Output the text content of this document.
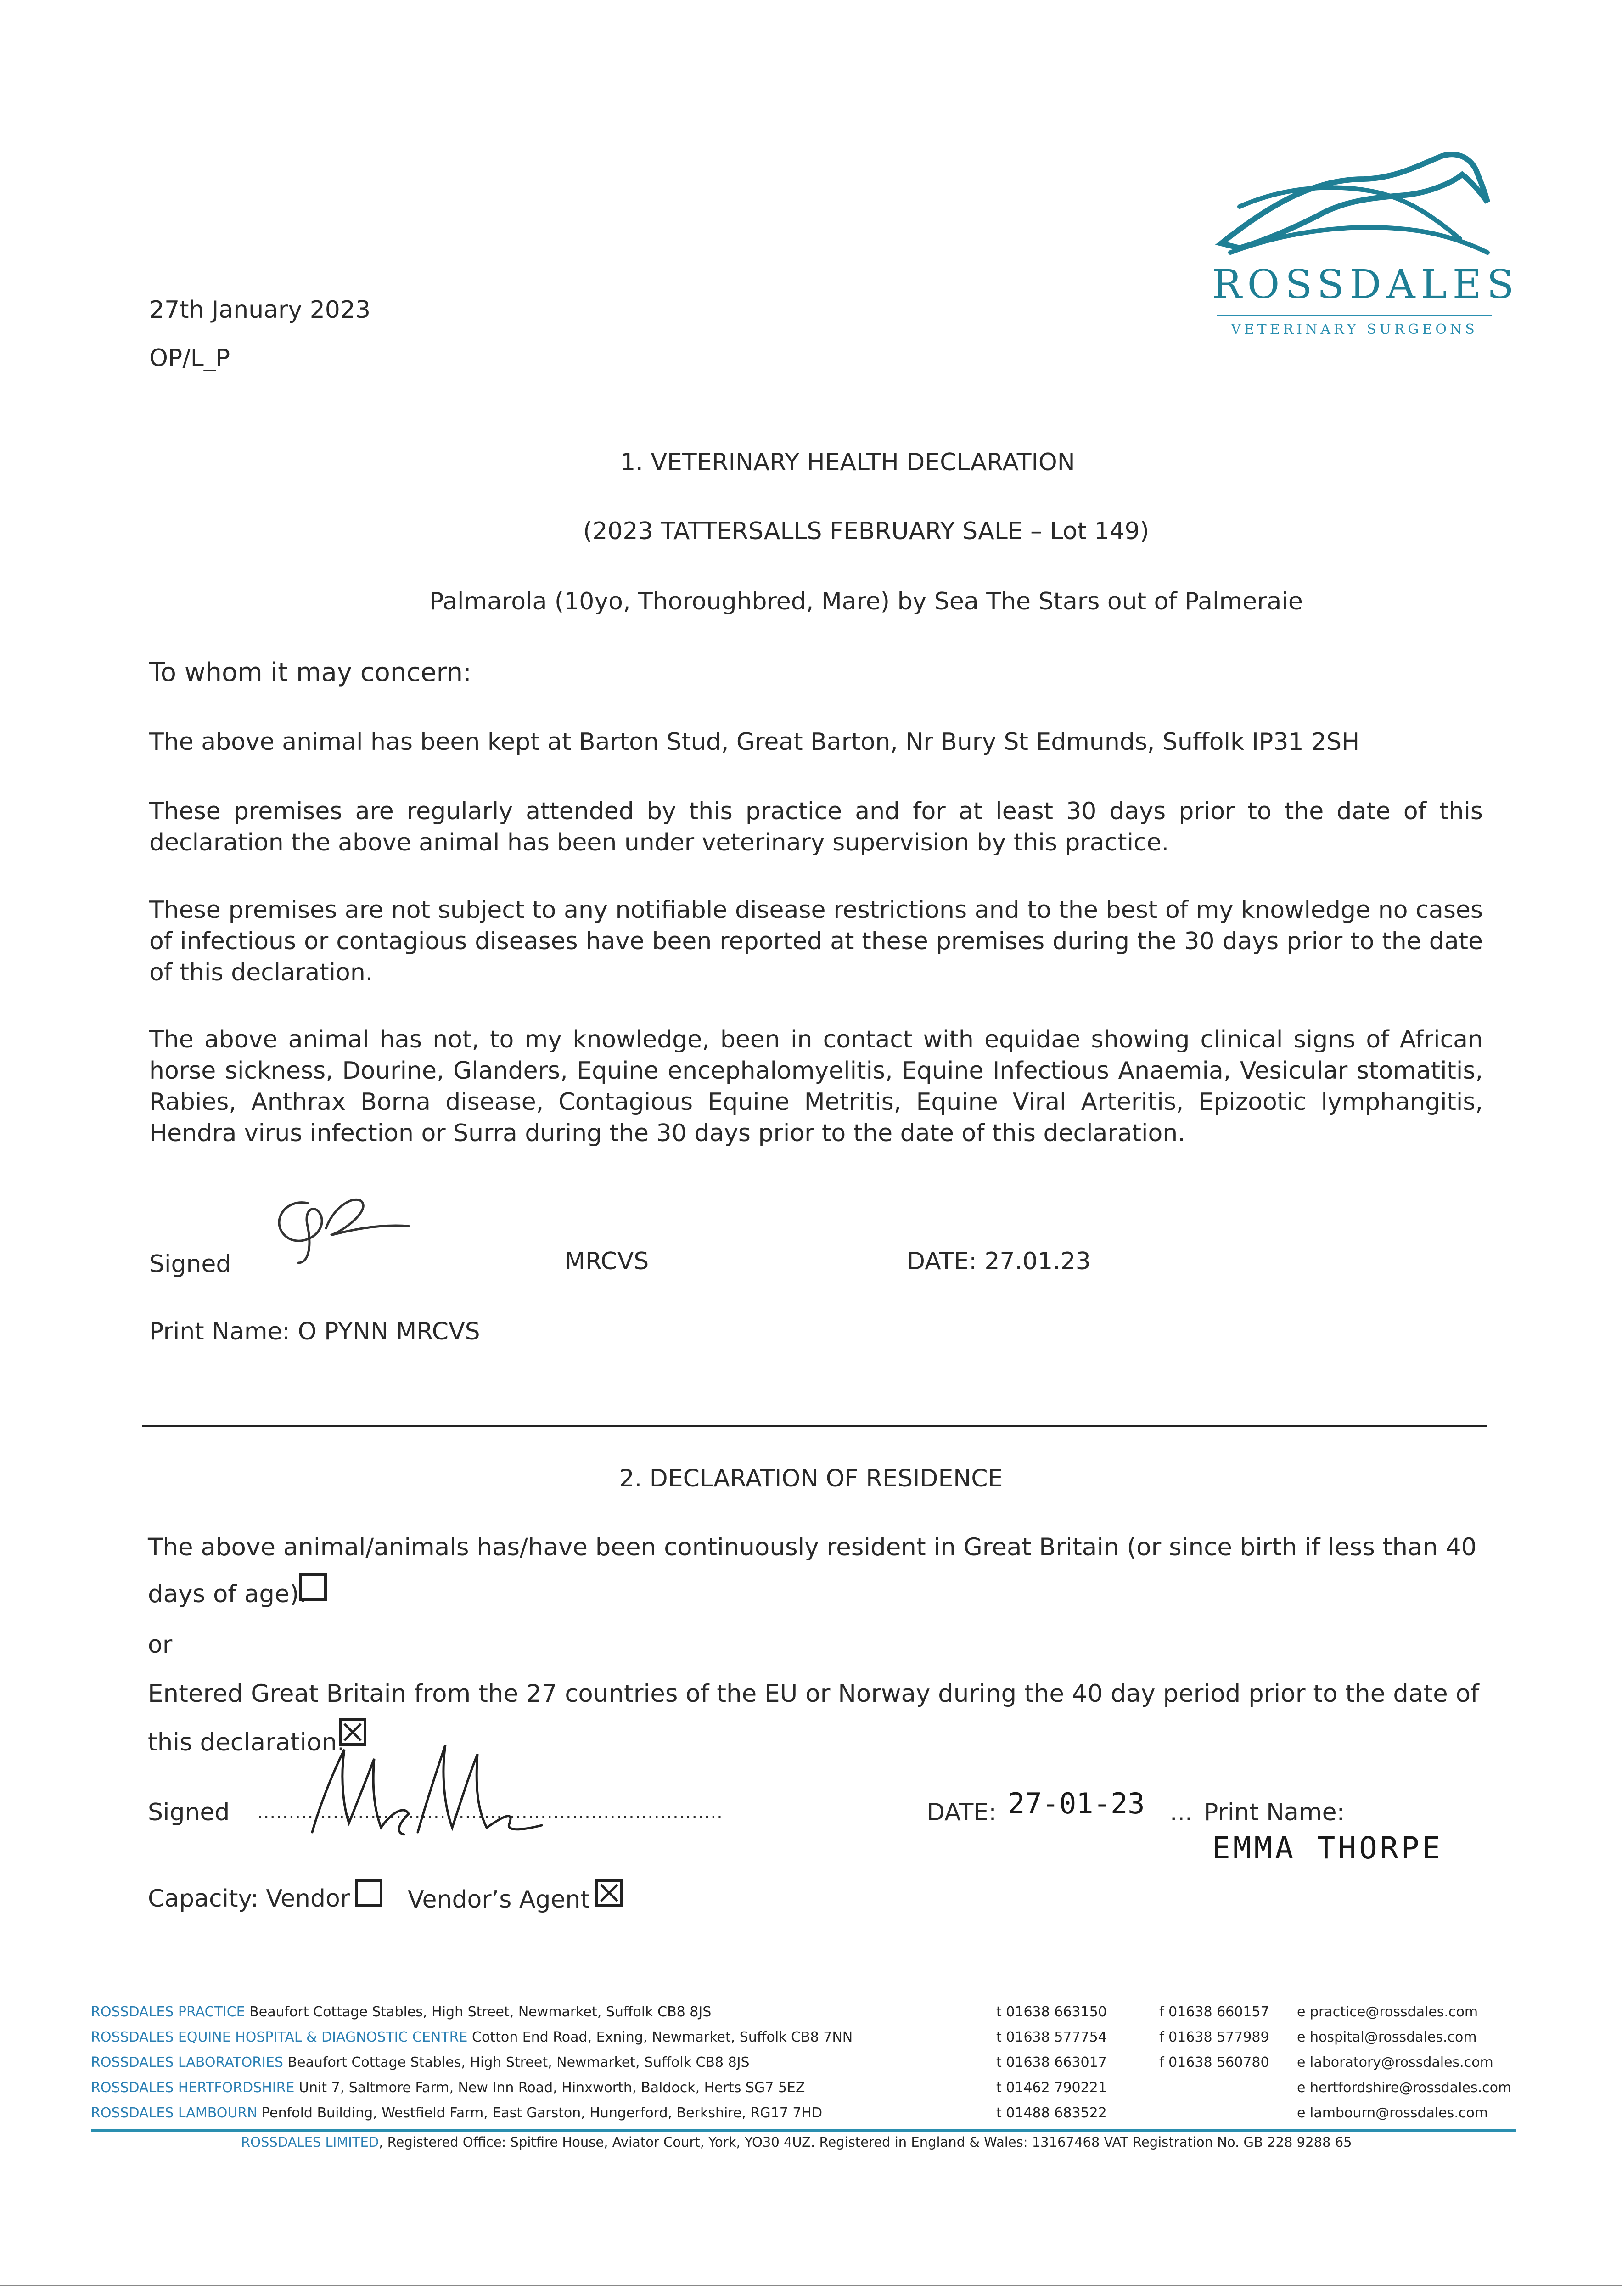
ROSSDALES
VETERINARY SURGEONS
27th January 2023
OP/L_P
1. VETERINARY HEALTH DECLARATION
(2023 TATTERSALLS FEBRUARY SALE – Lot 149)
Palmarola (10yo, Thoroughbred, Mare) by Sea The Stars out of Palmeraie
To whom it may concern:
The above animal has been kept at Barton Stud, Great Barton, Nr Bury St Edmunds, Suffolk IP31 2SH
These premises are regularly attended by this practice and for at least 30 days prior to the date of this declaration the above animal has been under veterinary supervision by this practice.
These premises are not subject to any notifiable disease restrictions and to the best of my knowledge no cases of infectious or contagious diseases have been reported at these premises during the 30 days prior to the date of this declaration.
The above animal has not, to my knowledge, been in contact with equidae showing clinical signs of African horse sickness, Dourine, Glanders, Equine encephalomyelitis, Equine Infectious Anaemia, Vesicular stomatitis, Rabies, Anthrax Borna disease, Contagious Equine Metritis, Equine Viral Arteritis, Epizootic lymphangitis, Hendra virus infection or Surra during the 30 days prior to the date of this declaration.
Signed	MRCVS	DATE: 27.01.23
Print Name: O PYNN MRCVS
2. DECLARATION OF RESIDENCE
The above animal/animals has/have been continuously resident in Great Britain (or since birth if less than 40
days of age).
or
Entered Great Britain from the 27 countries of the EU or Norway during the 40 day period prior to the date of
this declaration.
Signed ..........................................................................	DATE: 27-01-23 ... Print Name:
EMMA THORPE
Capacity: Vendor Vendor’s Agent
ROSSDALES PRACTICE Beaufort Cottage Stables, High Street, Newmarket, Suffolk CB8 8JS	t 01638 663150	f 01638 660157 e practice@rossdales.com
ROSSDALES EQUINE HOSPITAL & DIAGNOSTIC CENTRE Cotton End Road, Exning, Newmarket, Suffolk CB8 7NN	t 01638 577754	f 01638 577989 e hospital@rossdales.com
ROSSDALES LABORATORIES Beaufort Cottage Stables, High Street, Newmarket, Suffolk CB8 8JS	t 01638 663017	f 01638 560780 e laboratory@rossdales.com
ROSSDALES HERTFORDSHIRE Unit 7, Saltmore Farm, New Inn Road, Hinxworth, Baldock, Herts SG7 5EZ	t 01462 790221	e hertfordshire@rossdales.com
ROSSDALES LAMBOURN Penfold Building, Westfield Farm, East Garston, Hungerford, Berkshire, RG17 7HD	t 01488 683522	e lambourn@rossdales.com
ROSSDALES LIMITED, Registered Office: Spitfire House, Aviator Court, York, YO30 4UZ. Registered in England & Wales: 13167468 VAT Registration No. GB 228 9288 65
